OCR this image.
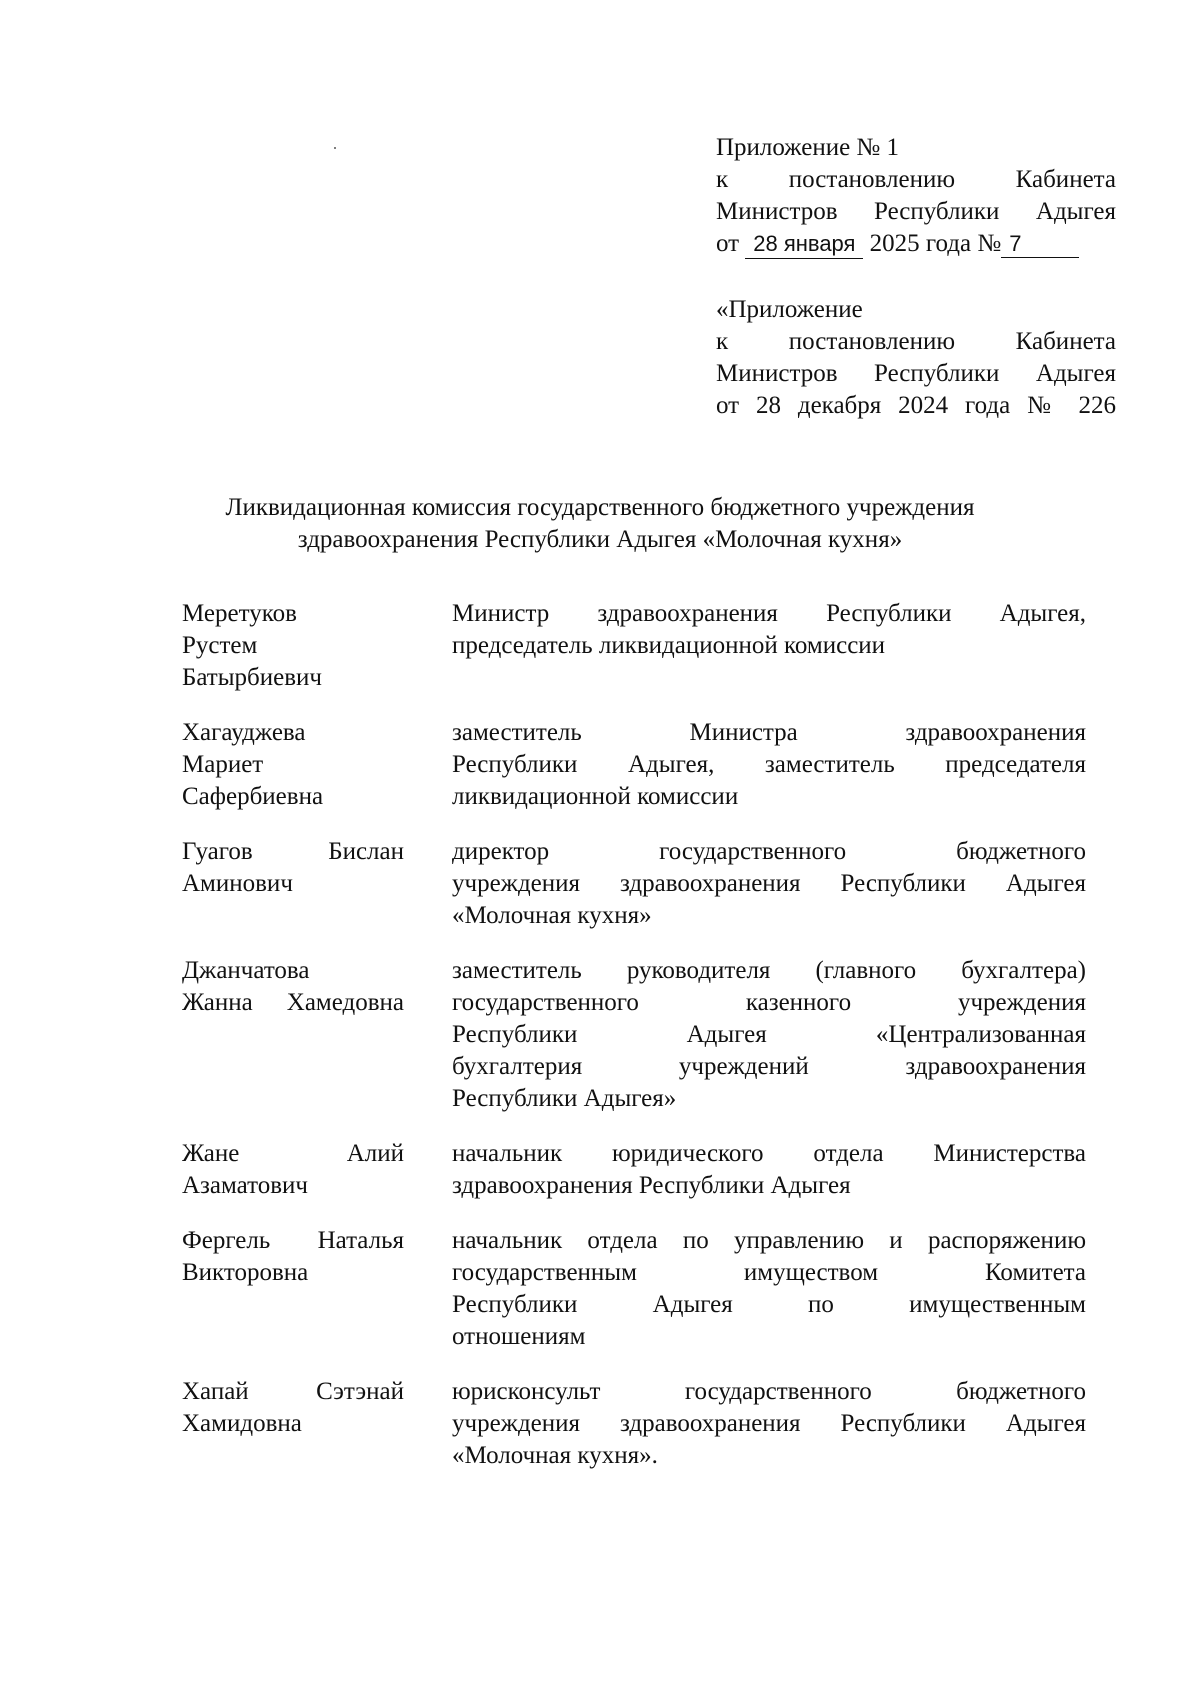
Приложение № 1
к постановлению Кабинета
Министров Республики Адыгея
от 28 января 2025 года № 7
«Приложение
к постановлению Кабинета
Министров Республики Адыгея
от 28 декабря 2024 года № 226
Ликвидационная комиссия государственного бюджетного учреждения
здравоохранения Республики Адыгея «Молочная кухня»
Меретуков
Рустем
Батырбиевич
Министр здравоохранения Республики Адыгея,
председатель ликвидационной комиссии
Хагауджева
Мариет
Сафербиевна
заместитель Министра здравоохранения
Республики Адыгея, заместитель председателя
ликвидационной комиссии
Гуагов Бислан
Аминович
директор государственного бюджетного
учреждения здравоохранения Республики Адыгея
«Молочная кухня»
Джанчатова
Жанна Хамедовна
заместитель руководителя (главного бухгалтера)
государственного казенного учреждения
Республики Адыгея «Централизованная
бухгалтерия учреждений здравоохранения
Республики Адыгея»
Жане Алий
Азаматович
начальник юридического отдела Министерства
здравоохранения Республики Адыгея
Фергель Наталья
Викторовна
начальник отдела по управлению и распоряжению
государственным имуществом Комитета
Республики Адыгея по имущественным
отношениям
Хапай Сэтэнай
Хамидовна
юрисконсульт государственного бюджетного
учреждения здравоохранения Республики Адыгея
«Молочная кухня».
